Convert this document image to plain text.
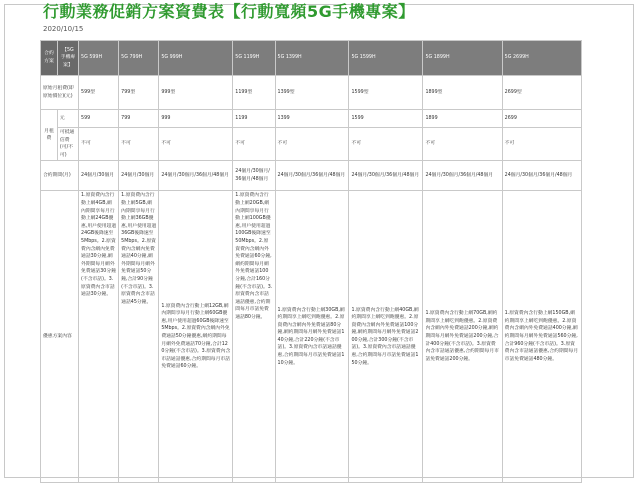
行動業務促銷方案資費表【行動寬頻5G手機專案】
2020/10/15
合約方案	【5G手機專案】	5G 599H	5G 799H	5G 999H	5G 1199H	5G 1399H	5G 1599H	5G 1899H	5G 2699H
原始月租費(即原始價位)(元)		599型	799型	999型	1199型	1399型	1599型	1899型	2699型
月租費	元	599	799	999	1199	1399	1599	1899	2699
	可抵通信費(可/不可)	不可	不可	不可	不可	不可	不可	不可	不可
合約期間(月)		24個月/30個月	24個月/30個月	24個月/30個月/36個月/48個月	24個月/30個月/36個月/48個月	24個月/30個月/36個月/48個月	24個月/30個月/36個月/48個月	24個月/30個月/36個月/48個月	24個月/30個月/36個月/48個月
優惠方案內容		1.原資費內含行動上網4GB,網內期間享每月行動上網24GB優惠,用戶使用超過24GB後降速至5Mbps。2.原資費內含網內免費通話30分鐘,網外期間每月網外免費通話30分鐘(不含市話)。3.原資費內含市話通話30分鐘。	1.原資費內含行動上網5GB,網內期間享每月行動上網36GB優惠,用戶使用超過36GB後降速至5Mbps。2.原資費內含網內免費通話40分鐘,網外期間每月網外免費通話50分鐘,合計90分鐘(不含市話)。3.原資費內含市話通話45分鐘。	1.原資費內含行動上網12GB,網內期間享每月行動上網60GB優惠,用戶使用超過60GB後降速至5Mbps。2.原資費內含網內外免費通話50分鐘優惠,網約期間每月網外免費通話70分鐘,合計120分鐘(不含市話)。3.原資費內含市話通話優惠,合約期間每月市話免費通話60分鐘。	1.原資費內含行動上網20GB,網內期間享每月行動上網100GB優惠,用戶使用超過100GB後降速至50Mbps。2.原資費內含網內外免費通話60分鐘,網約期間每月網外免費通話100分鐘,合計160分鐘(不含市話)。3.原資費內含市話通話優惠,合約期間每月市話免費通話80分鐘。	1.原資費內含行動上網30GB,網約期間享上網吃到飽優惠。2.原資費內含網內外免費通話80分鐘,網約期間每月網外免費通話140分鐘,合計220分鐘(不含市話)。3.原資費內含市話通話優惠,合約期間每月市話免費通話110分鐘。	1.原資費內含行動上網40GB,網約期間享上網吃到飽優惠。2.原資費內含網內外免費通話100分鐘,網約期間每月網外免費通話200分鐘,合計300分鐘(不含市話)。3.原資費內含市話通話優惠,合約期間每月市話免費通話150分鐘。	1.原資費內含行動上網70GB,網約期間享上網吃到飽優惠。2.原資費內含網內外免費通話200分鐘,網約期間每月網外免費通話200分鐘,合計400分鐘(不含市話)。3.原資費內含市話通話優惠,合約期間每月市話免費通話200分鐘。	1.原資費內含行動上網150GB,網約期間享上網吃到飽優惠。2.原資費內含網內外免費通話400分鐘,網約期間每月網外免費通話560分鐘,合計960分鐘(不含市話)。3.原資費內含市話通話優惠,合約期間每月市話免費通話480分鐘。
